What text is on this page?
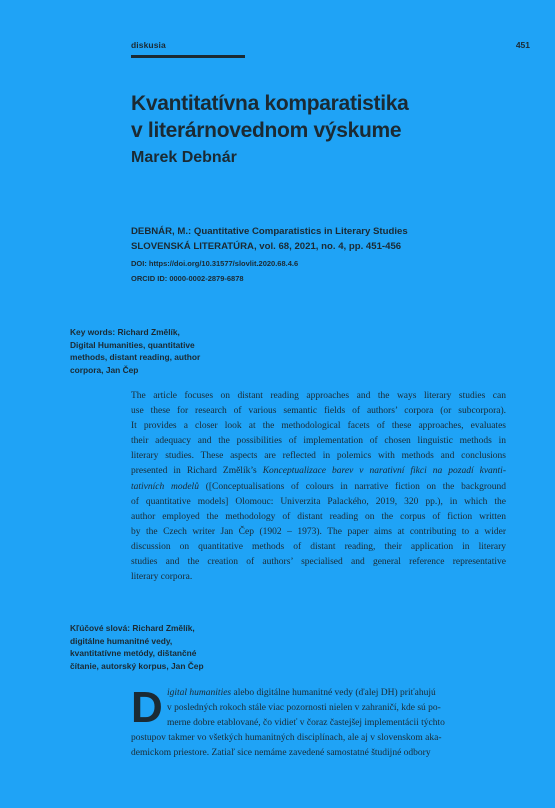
diskusia	451
Kvantitatívna komparatistika
v literárnovednom výskume
Marek Debnár
DEBNÁR, M.: Quantitative Comparatistics in Literary Studies
SLOVENSKÁ LITERATÚRA, vol. 68, 2021, no. 4, pp. 451-456
DOI: https://doi.org/10.31577/slovlit.2020.68.4.6
ORCID ID: 0000-0002-2879-6878
Key words: Richard Změlík,
Digital Humanities, quantitative
methods, distant reading, author
corpora, Jan Čep
The article focuses on distant reading approaches and the ways literary studies can
use these for research of various semantic fields of authors’ corpora (or subcorpora).
It provides a closer look at the methodological facets of these approaches, evaluates
their adequacy and the possibilities of implementation of chosen linguistic methods in
literary studies. These aspects are reflected in polemics with methods and conclusions
presented in Richard Změlík’s Konceptualizace barev v narativní fikci na pozadí kvanti-
tativních modelů ([Conceptualisations of colours in narrative fiction on the background
of quantitative models] Olomouc: Univerzita Palackého, 2019, 320 pp.), in which the
author employed the methodology of distant reading on the corpus of fiction written
by the Czech writer Jan Čep (1902 – 1973). The paper aims at contributing to a wider
discussion on quantitative methods of distant reading, their application in literary
studies and the creation of authors’ specialised and general reference representative
literary corpora.
Kľúčové slová: Richard Změlík,
digitálne humanitné vedy,
kvantitatívne metódy, dištančné
čítanie, autorský korpus, Jan Čep
D igital humanities alebo digitálne humanitné vedy (ďalej DH) priťahujú
v posledných rokoch stále viac pozornosti nielen v zahraničí, kde sú po-
merne dobre etablované, čo vidieť v čoraz častejšej implementácii týchto
postupov takmer vo všetkých humanitných disciplínach, ale aj v slovenskom aka-
demickom priestore. Zatiaľ sice nemáme zavedené samostatné študijné odbory
